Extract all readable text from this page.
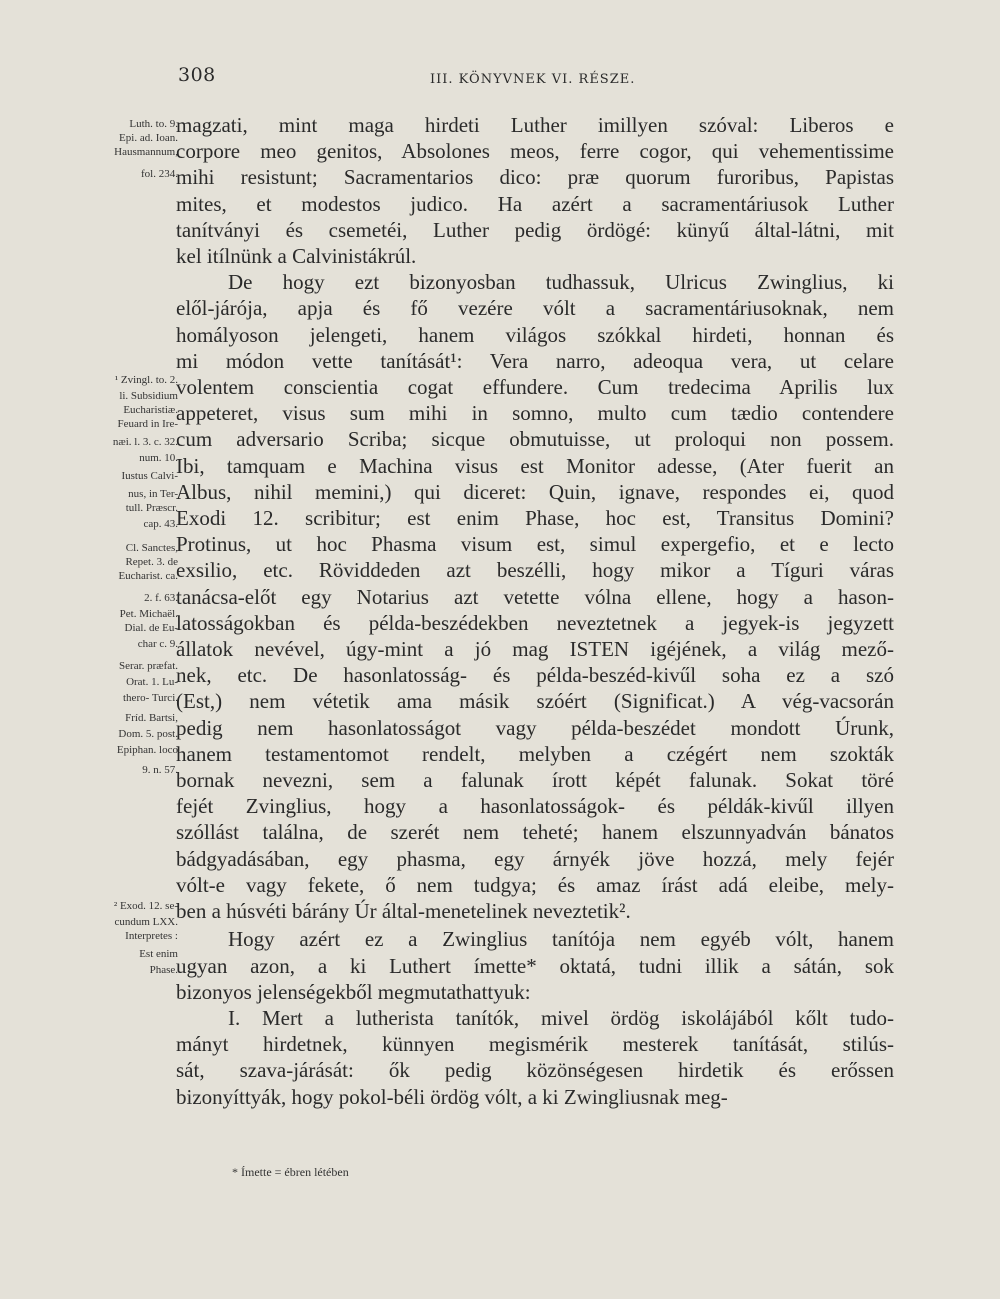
308	III. KÖNYVNEK VI. RÉSZE.
Luth. to. 9.
Epi. ad. Ioan.
Hausmannum,
fol. 234.
¹ Zvingl. to. 2.
li. Subsidium
Eucharistiæ.
Feuard in Ire-
næi. l. 3. c. 32.
num. 10.
Iustus Calvi-
nus, in Ter-
tull. Præscr.
cap. 43.
Cl. Sanctes,
Repet. 3. de
Eucharist. ca.
2. f. 63.
Pet. Michaël.
Dial. de Eu-
char c. 9.
Serar. præfat.
Orat. 1. Lu-
thero- Turci.
Fríd. Bartsi,
Dom. 5. post.
Epiphan. loco
9. n. 57.
² Exod. 12. se-
cundum LXX.
Interpretes :
Est enim
Phase.
magzati, mint maga hirdeti Luther imillyen szóval: Liberos e
corpore meo genitos, Absolones meos, ferre cogor, qui vehementissime
mihi resistunt; Sacramentarios dico: præ quorum furoribus, Papistas
mites, et modestos judico. Ha azért a sacramentáriusok Luther
tanítványi és csemetéi, Luther pedig ördögé: künyű által-látni, mit
kel itílnünk a Calvinistákrúl.
De hogy ezt bizonyosban tudhassuk, Ulricus Zwinglius, ki
elől-járója, apja és fő vezére vólt a sacramentáriusoknak, nem
homályoson jelengeti, hanem világos szókkal hirdeti, honnan és
mi módon vette tanítását¹: Vera narro, adeoqua vera, ut celare
volentem conscientia cogat effundere. Cum tredecima Aprilis lux
appeteret, visus sum mihi in somno, multo cum tædio contendere
cum adversario Scriba; sicque obmutuisse, ut proloqui non possem.
Ibi, tamquam e Machina visus est Monitor adesse, (Ater fuerit an
Albus, nihil memini,) qui diceret: Quin, ignave, respondes ei, quod
Exodi 12. scribitur; est enim Phase, hoc est, Transitus Domini?
Protinus, ut hoc Phasma visum est, simul expergefio, et e lecto
exsilio, etc. Röviddeden azt beszélli, hogy mikor a Tíguri váras
tanácsa-előt egy Notarius azt vetette vólna ellene, hogy a hason-
latosságokban és példa-beszédekben neveztetnek a jegyek-is jegyzett
állatok nevével, úgy-mint a jó mag ISTEN igéjének, a világ mező-
nek, etc. De hasonlatosság- és példa-beszéd-kivűl soha ez a szó
(Est,) nem vétetik ama másik szóért (Significat.) A vég-vacsorán
pedig nem hasonlatosságot vagy példa-beszédet mondott Úrunk,
hanem testamentomot rendelt, melyben a czégért nem szokták
bornak nevezni, sem a falunak írott képét falunak. Sokat töré
fejét Zvinglius, hogy a hasonlatosságok- és példák-kivűl illyen
szóllást találna, de szerét nem teheté; hanem elszunnyadván bánatos
bádgyadásában, egy phasma, egy árnyék jöve hozzá, mely fejér
vólt-e vagy fekete, ő nem tudgya; és amaz írást adá eleibe, mely-
ben a húsvéti bárány Úr által-menetelinek neveztetik².
Hogy azért ez a Zwinglius tanítója nem egyéb vólt, hanem
ugyan azon, a ki Luthert ímette* oktatá, tudni illik a sátán, sok
bizonyos jelenségekből megmutathattyuk:
I. Mert a lutherista tanítók, mivel ördög iskolájából kőlt tudo-
mányt hirdetnek, künnyen megismérik mesterek tanítását, stilús-
sát, szava-járását: ők pedig közönségesen hirdetik és erőssen
bizonyíttyák, hogy pokol-béli ördög vólt, a ki Zwingliusnak meg-
* Ímette = ébren létében
